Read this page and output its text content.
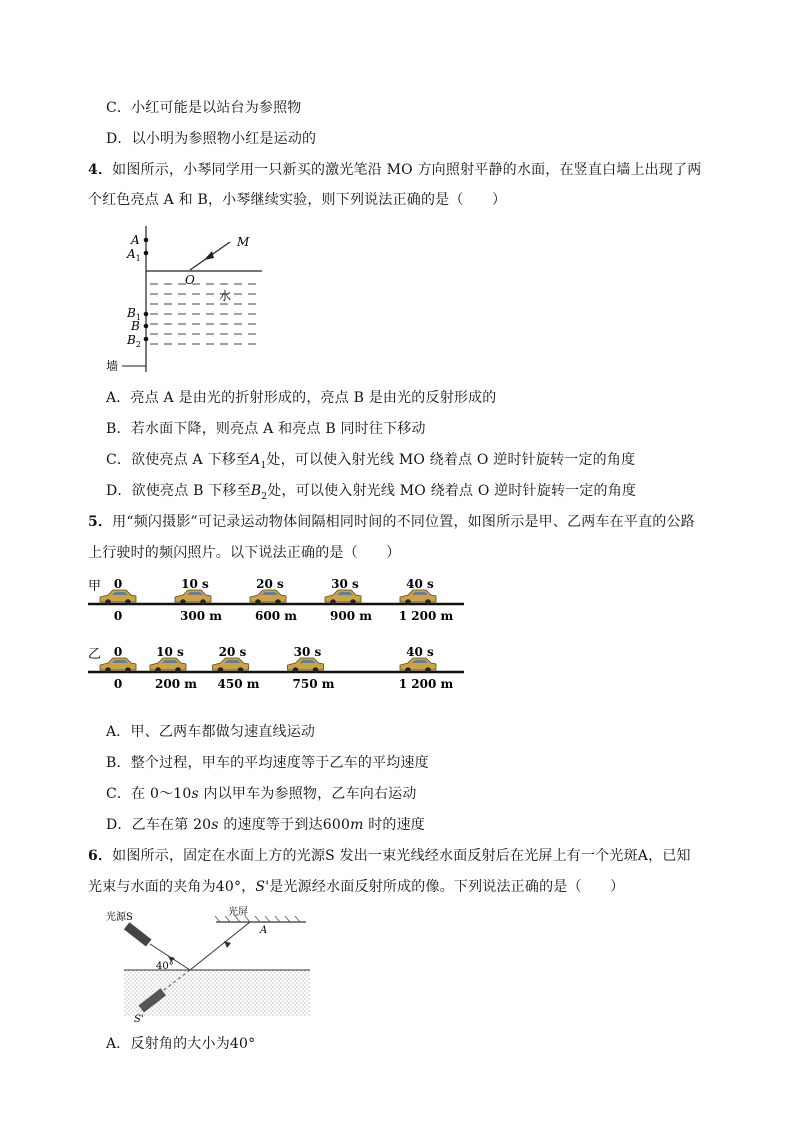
C．小红可能是以站台为参照物
D．以小明为参照物小红是运动的
4．如图所示，小琴同学用一只新买的激光笔沿 MO 方向照射平静的水面，在竖直白墙上出现了两
个红色亮点 A 和 B，小琴继续实验，则下列说法正确的是（　　）
A
$A_1$
$B_1$
B
$B_2$
O
M
水
墙
A．亮点 A 是由光的折射形成的，亮点 B 是由光的反射形成的
B．若水面下降，则亮点 A 和亮点 B 同时往下移动
C．欲使亮点 A 下移至$A_1$处，可以使入射光线 MO 绕着点 O 逆时针旋转一定的角度
D．欲使亮点 B 下移至$B_2$处，可以使入射光线 MO 绕着点 O 逆时针旋转一定的角度
5．用“频闪摄影”可记录运动物体间隔相同时间的不同位置，如图所示是甲、乙两车在平直的公路
上行驶时的频闪照片。以下说法正确的是（　　）
甲 0
0
10 s
300 m
20 s
600 m
30 s
900 m
40 s
1 200 m
乙 0
0
10 s
200 m
20 s
450 m
30 s
750 m
40 s
1 200 m
A．甲、乙两车都做匀速直线运动
B．整个过程，甲车的平均速度等于乙车的平均速度
C．在 0～10s 内以甲车为参照物，乙车向右运动
D．乙车在第 20s 的速度等于到达600m 时的速度
6．如图所示，固定在水面上方的光源S 发出一束光线经水面反射后在光屏上有一个光斑A，已知
光束与水面的夹角为40°，S'是光源经水面反射所成的像。下列说法正确的是（　　）
光源S	光屏
A
40°
S'
A．反射角的大小为40°
